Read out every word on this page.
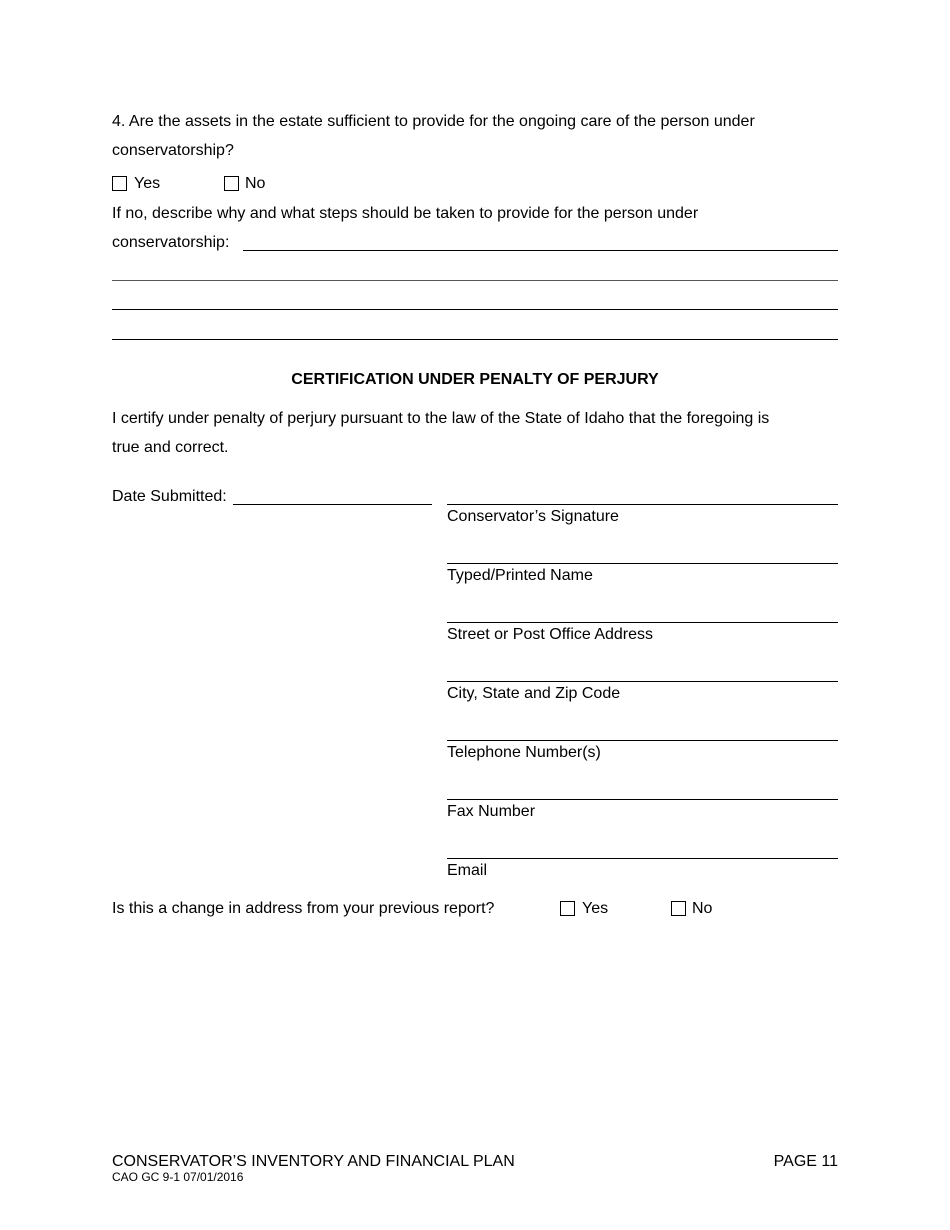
4. Are the assets in the estate sufficient to provide for the ongoing care of the person under
conservatorship?
Yes	No
If no, describe why and what steps should be taken to provide for the person under
conservatorship:
CERTIFICATION UNDER PENALTY OF PERJURY
I certify under penalty of perjury pursuant to the law of the State of Idaho that the foregoing is
true and correct.
Date Submitted:
Conservator’s Signature
Typed/Printed Name
Street or Post Office Address
City, State and Zip Code
Telephone Number(s)
Fax Number
Email
Is this a change in address from your previous report?	Yes	No
CONSERVATOR’S INVENTORY AND FINANCIAL PLAN
CAO GC 9-1 07/01/2016
PAGE 11
